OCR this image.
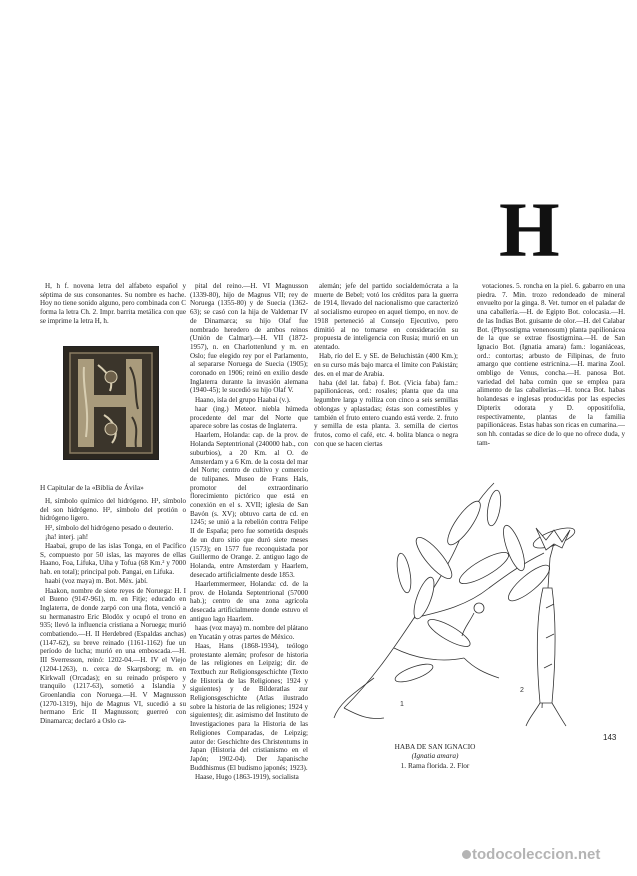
H

H, h f. novena letra del alfabeto español y séptima de sus consonantes. Su nombre es hache. Hoy no tiene sonido alguno, pero combinada con C forma la letra Ch. 2. Impr. barrita metálica con que se imprime la letra H, h.

H Capitular de la «Biblia de Ávila»

H, símbolo químico del hidrógeno. H¹, símbolo del son hidrógeno. H², símbolo del protión o hidrógeno ligero.

H², símbolo del hidrógeno pesado o deuterio.

¡ha! interj. ¡ah!

Haabai, grupo de las islas Tonga, en el Pacífico S, compuesto por 50 islas, las mayores de ellas Haano, Foa, Lifuka, Uiha y Tofua (68 Km.² y 7000 hab. en total); principal pob. Pangai, en Lifuka.

haabi (voz maya) m. Bot. Méx. jabí.

Haakon, nombre de siete reyes de Noruega: H. I el Bueno (914?-961), m. en Fitje; educado en Inglaterra, de donde zarpó con una flota, venció a su hermanastro Eric Blodöx y ocupó el trono en 935; llevó la influencia cristiana a Noruega; murió combatiendo.—H. II Herdebred (Espaldas anchas) (1147-62), su breve reinado (1161-1162) fue un período de lucha; murió en una emboscada.—H. III Sverresson, reinó: 1202-04.—H. IV el Viejo (1204-1263), n. cerca de Skarpsborg; m. en Kirkwall (Orcadas); en su reinado próspero y tranquilo (1217-63), sometió a Islandia y Groenlandia con Noruega.—H. V Magnusson (1270-1319), hijo de Magnus VI, sucedió a su hermano Eric II Magnusson; guerreó con Dinamarca; declaró a Oslo ca-

pital del reino.—H. VI Magnusson (1339-80), hijo de Magnus VII; rey de Noruega (1355-80) y de Suecia (1362-63); se casó con la hija de Valdemar IV de Dinamarca; su hijo Olaf fue nombrado heredero de ambos reinos (Unión de Calmar).—H. VII (1872-1957), n. en Charlottenlund y m. en Oslo; fue elegido rey por el Parlamento, al separarse Noruega de Suecia (1905); coronado en 1906; reinó en exilio desde Inglaterra durante la invasión alemana (1940-45); le sucedió su hijo Olaf V.

Haano, isla del grupo Haabai (v.).

haar (ing.) Meteor. niebla húmeda procedente del mar del Norte que aparece sobre las costas de Inglaterra.

Haarlem, Holanda: cap. de la prov. de Holanda Septentrional (240000 hab., con suburbios), a 20 Km. al O. de Amsterdam y a 6 Km. de la costa del mar del Norte; centro de cultivo y comercio de tulipanes. Museo de Frans Hals, promotor del extraordinario florecimiento pictórico que está en conexión en el s. XVII; iglesia de San Bavón (s. XV); obtuvo carta de cd. en 1245; se unió a la rebelión contra Felipe II de España; pero fue sometida después de un duro sitio que duró siete meses (1573); en 1577 fue reconquistada por Guillermo de Orange. 2. antiguo lago de Holanda, entre Amsterdam y Haarlem, desecado artificialmente desde 1853.

Haarlemmermeer, Holanda: cd. de la prov. de Holanda Septentrional (57000 hab.); centro de una zona agrícola desecada artificialmente donde estuvo el antiguo lago Haarlem.

haas (voz maya) m. nombre del plátano en Yucatán y otras partes de México.

Haas, Hans (1868-1934), teólogo protestante alemán; profesor de historia de las religiones en Leipzig; dir. de Textbuch zur Religionsgeschichte (Texto de Historia de las Religiones; 1924 y siguientes) y de Bilderatlas zur Religionsgeschichte (Atlas ilustrado sobre la historia de las religiones; 1924 y siguientes); dir. asimismo del Instituto de Investigaciones para la Historia de las Religiones Comparadas, de Leipzig; autor de: Geschichte des Christentums in Japan (Historia del cristianismo en el Japón; 1902-04). Der Japanische Buddhismus (El budismo japonés; 1923).

Haase, Hugo (1863-1919), socialista

alemán; jefe del partido socialdemócrata a la muerte de Bebel; votó los créditos para la guerra de 1914, llevado del nacionalismo que caracterizó al socialismo europeo en aquel tiempo, en nov. de 1918 perteneció al Consejo Ejecutivo, pero dimitió al no tomarse en consideración su propuesta de inteligencia con Rusia; murió en un atentado.

Hab, río del E. y SE. de Beluchistán (400 Km.); en su curso más bajo marca el límite con Pakistán; des. en el mar de Arabia.

haba (del lat. faba) f. Bot. (Vicia faba) fam.: papilionáceas, ord.: rosales; planta que da una legumbre larga y rolliza con cinco a seis semillas oblongas y aplastadas; éstas son comestibles y también el fruto entero cuando está verde. 2. fruto y semilla de esta planta. 3. semilla de ciertos frutos, como el café, etc. 4. bolita blanca o negra con que se hacen ciertas

votaciones. 5. roncha en la piel. 6. gabarro en una piedra. 7. Min. trozo redondeado de mineral envuelto por la ginga. 8. Vet. tumor en el paladar de una caballería.—H. de Egipto Bot. colocasia.—H. de las Indias Bot. guisante de olor.—H. del Calabar Bot. (Physostigma venenosum) planta papilionácea de la que se extrae fisostigmina.—H. de San Ignacio Bot. (Ignatia amara) fam.: loganiáceas, ord.: contortas; arbusto de Filipinas, de fruto amargo que contiene estricnina.—H. marina Zool. ombligo de Venus, concha.—H. panosa Bot. variedad del haba común que se emplea para alimento de las caballerías.—H. tonca Bot. habas holandesas e inglesas producidas por las especies Dipterix odorata y D. oppositifolia, respectivamente, plantas de la familia papilionáceas. Estas habas son ricas en cumarina.—son hh. contadas se dice de lo que no ofrece duda, y tam-

1
2
HABA DE SAN IGNACIO
(Ignatia amara)
1. Rama florida. 2. Flor
143
todocoleccion.net
